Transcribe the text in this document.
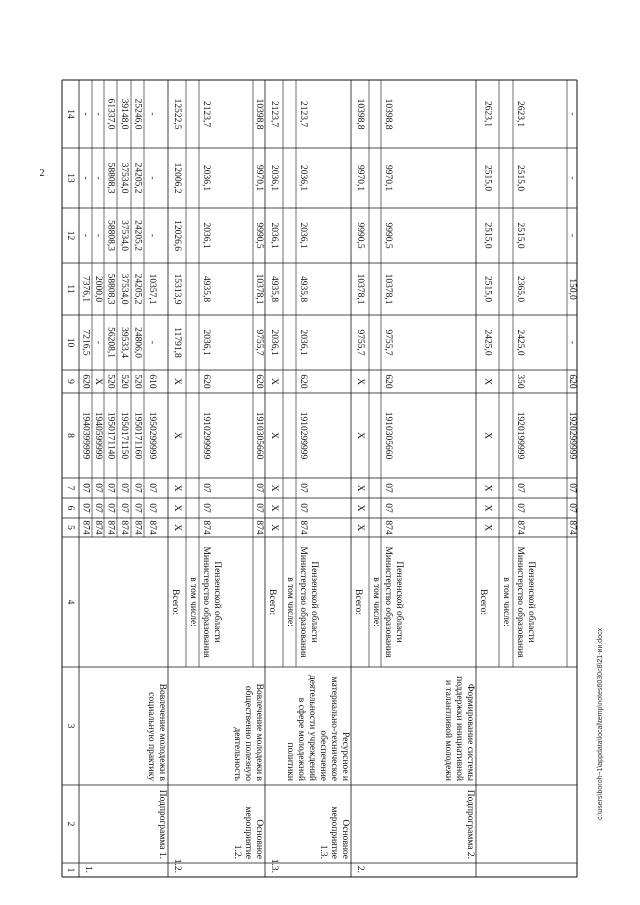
2
c:\users\boroh~1\appdata\local\temp\notes6030c8\21-ии.docx
1
2
3
4
5
6
7
8
9
10
11
12
13
14
874
07
07
1940399999
620
7216,5
7376,1
-
-
-
874
07
07
1940599999
X
-
2000,0
-
-
-
874
07
07
1950171140
520
56208,1
58808,3
58808,3
58808,3
61337,0
874
07
07
1950171150
520
39533,4
37534,0
37534,0
37534,0
39148,0
874
07
07
1950171160
520
24806,0
24205,2
24205,2
24205,2
25246,0
874
07
07
1950299999
610
-
10357,1
-
-
-
1.
Подпрограмма 1.
Вовлечение молодежи в
социальную практику
Всего:
X
X
X
X
X
11791,8
15313,9
12026,6
12006,2
12522,5
в том числе: Министерство образования Пензенской области
874
07
07
1910299999
620
2036,1
4935,8
2036,1
2036,1
2123,7
874
07
07
1910305660
620
9755,7
10378,1
9990,5
9970,1
10398,8
1.2.
Основное
мероприятие
1.2.
Вовлечение молодежи в
общественно полезную
деятельность
Всего:
X
X
X
X
X
2036,1
4935,8
2036,1
2036,1
2123,7
в том числе: Министерство образования Пензенской области
874
07
07
1910299999
620
2036,1
4935,8
2036,1
2036,1
2123,7
1.3.
Основное
мероприятие
1.3.
Ресурсное и
материально-техническое
обеспечение
деятельности учреждений
в сфере молодежной
политики
Всего:
X
X
X
X
X
9755,7
10378,1
9990,5
9970,1
10398,8
в том числе: Министерство образования Пензенской области
874
07
07
1910305660
620
9755,7
10378,1
9990,5
9970,1
10398,8
2.
Подпрограмма 2.
Формирование системы
поддержки инициативной
и талантливой молодежи
Всего:
X
X
X
X
X
2425,0
2515,0
2515,0
2515,0
2623,1
в том числе: Министерство образования Пензенской области
874
07
07
1920199999
350
2425,0
2365,0
2515,0
2515,0
2623,1
874
07
07
1920299999
620
-
150,0
-
-
-
